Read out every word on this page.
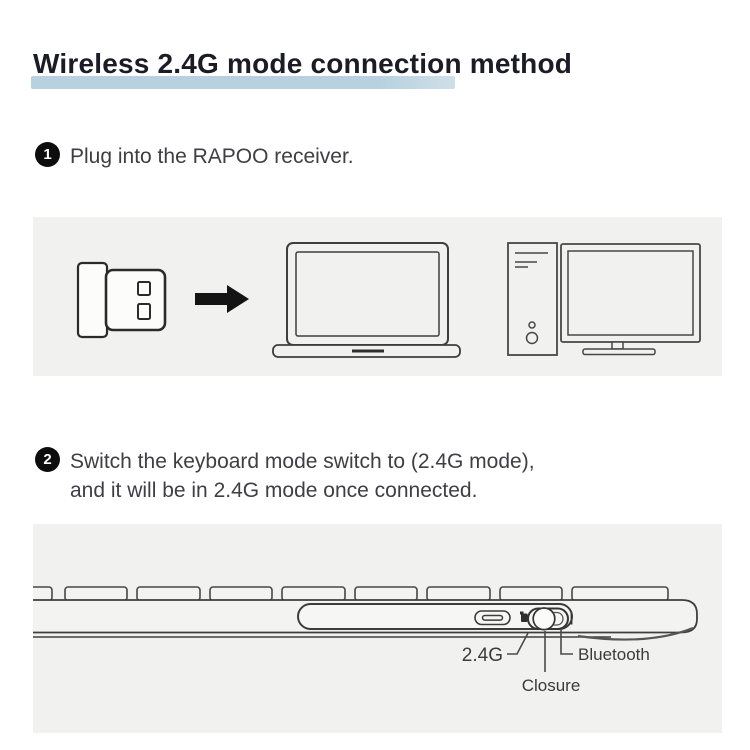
Wireless 2.4G mode connection method
1 Plug into the RAPOO receiver.

2 Switch the keyboard mode switch to (2.4G mode),
and it will be in 2.4G mode once connected.

2.4G
Closure
Bluetooth
